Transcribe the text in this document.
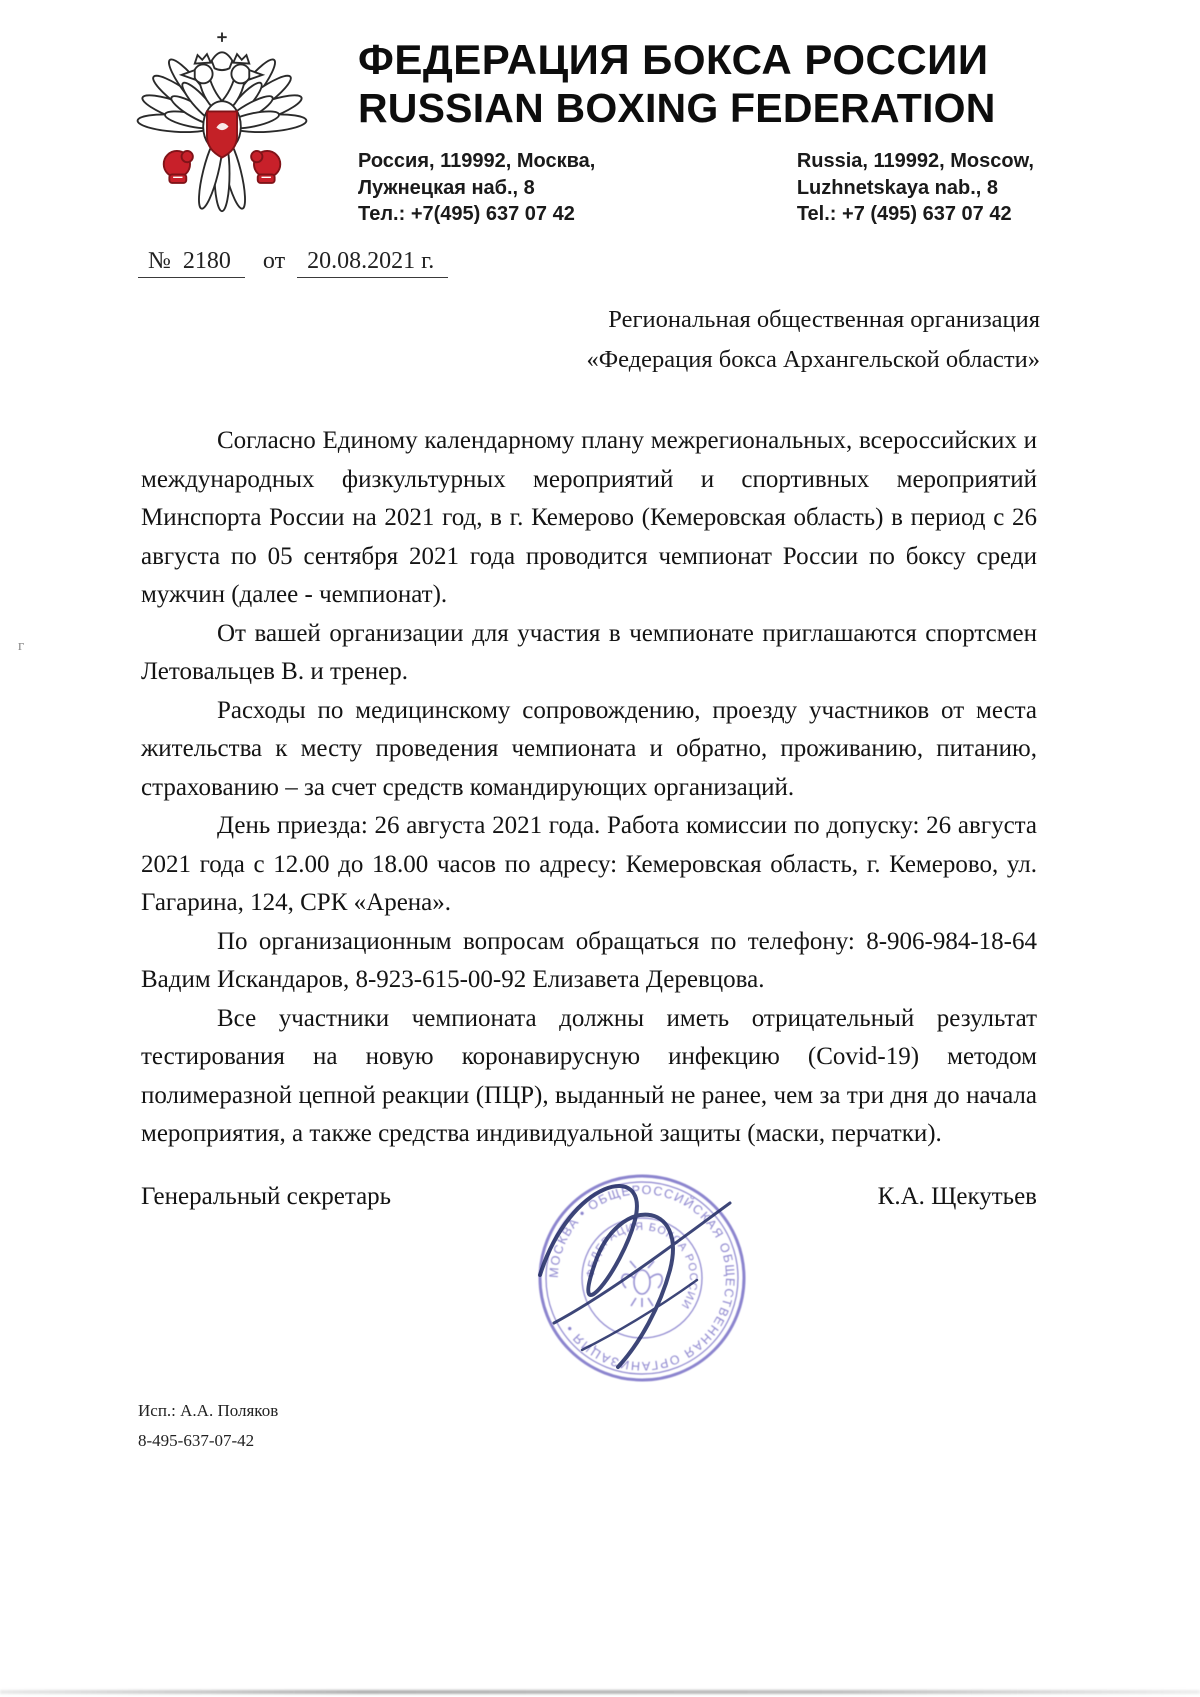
ФЕДЕРАЦИЯ БОКСА РОССИИ
RUSSIAN BOXING FEDERATION
Россия, 119992, Москва,
Лужнецкая наб., 8
Тел.: +7(495) 637 07 42
Russia, 119992, Moscow,
Luzhnetskaya nab., 8
Tel.: +7 (495) 637 07 42
№ 2180 от 20.08.2021 г.
Региональная общественная организация
«Федерация бокса Архангельской области»

Согласно Единому календарному плану межрегиональных, всероссийских и международных физкультурных мероприятий и спортивных мероприятий Минспорта России на 2021 год, в г. Кемерово (Кемеровская область) в период с 26 августа по 05 сентября 2021 года проводится чемпионат России по боксу среди мужчин (далее - чемпионат).

От вашей организации для участия в чемпионате приглашаются спортсмен Летовальцев В. и тренер.

Расходы по медицинскому сопровождению, проезду участников от места жительства к месту проведения чемпионата и обратно, проживанию, питанию, страхованию – за счет средств командирующих организаций.

День приезда: 26 августа 2021 года. Работа комиссии по допуску: 26 августа 2021 года с 12.00 до 18.00 часов по адресу: Кемеровская область, г. Кемерово, ул. Гагарина, 124, СРК «Арена».

По организационным вопросам обращаться по телефону: 8-906-984-18-64 Вадим Искандаров, 8-923-615-00-92 Елизавета Деревцова.

Все участники чемпионата должны иметь отрицательный результат тестирования на новую коронавирусную инфекцию (Covid-19) методом полимеразной цепной реакции (ПЦР), выданный не ранее, чем за три дня до начала мероприятия, а также средства индивидуальной защиты (маски, перчатки).

Генеральный секретарь	К.А. Щекутьев
МОСКВА • ОБЩЕРОССИЙСКАЯ ОБЩЕСТВЕННАЯ ОРГАНИЗАЦИЯ •
ФЕДЕРАЦИЯ БОКСА РОССИИ
Исп.: А.А. Поляков
8-495-637-07-42
г
